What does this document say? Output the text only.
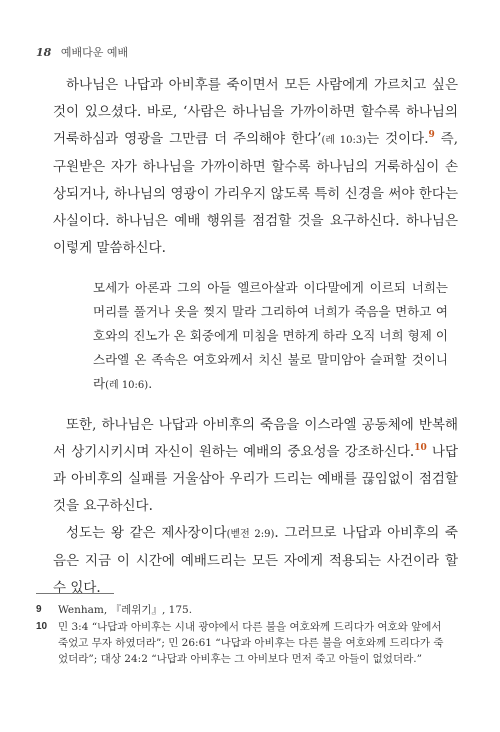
18 예배다운 예배

하나님은 나답과 아비후를 죽이면서 모든 사람에게 가르치고 싶은 것이 있으셨다. 바로, ‘사람은 하나님을 가까이하면 할수록 하나님의 거룩하심과 영광을 그만큼 더 주의해야 한다’(레 10:3)는 것이다.$^9$ 즉, 구원받은 자가 하나님을 가까이하면 할수록 하나님의 거룩하심이 손상되거나, 하나님의 영광이 가리우지 않도록 특히 신경을 써야 한다는 사실이다. 하나님은 예배 행위를 점검할 것을 요구하신다. 하나님은 이렇게 말씀하신다.

모세가 아론과 그의 아들 엘르아살과 이다말에게 이르되 너희는 머리를 풀거나 옷을 찢지 말라 그리하여 너희가 죽음을 면하고 여호와의 진노가 온 회중에게 미침을 면하게 하라 오직 너희 형제 이스라엘 온 족속은 여호와께서 치신 불로 말미암아 슬퍼할 것이니라(레 10:6).

또한, 하나님은 나답과 아비후의 죽음을 이스라엘 공동체에 반복해서 상기시키시며 자신이 원하는 예배의 중요성을 강조하신다.$^{10}$ 나답과 아비후의 실패를 거울삼아 우리가 드리는 예배를 끊임없이 점검할 것을 요구하신다.

성도는 왕 같은 제사장이다(벧전 2:9). 그러므로 나답과 아비후의 죽음은 지금 이 시간에 예배드리는 모든 자에게 적용되는 사건이라 할 수 있다.

9	Wenham, 『레위기』, 175.
10	민 3:4 “나답과 아비후는 시내 광야에서 다른 불을 여호와께 드리다가 여호와 앞에서 죽었고 무자 하였더라”; 민 26:61 “나답과 아비후는 다른 불을 여호와께 드리다가 죽었더라”; 대상 24:2 “나답과 아비후는 그 아비보다 먼저 죽고 아들이 없었더라.”
